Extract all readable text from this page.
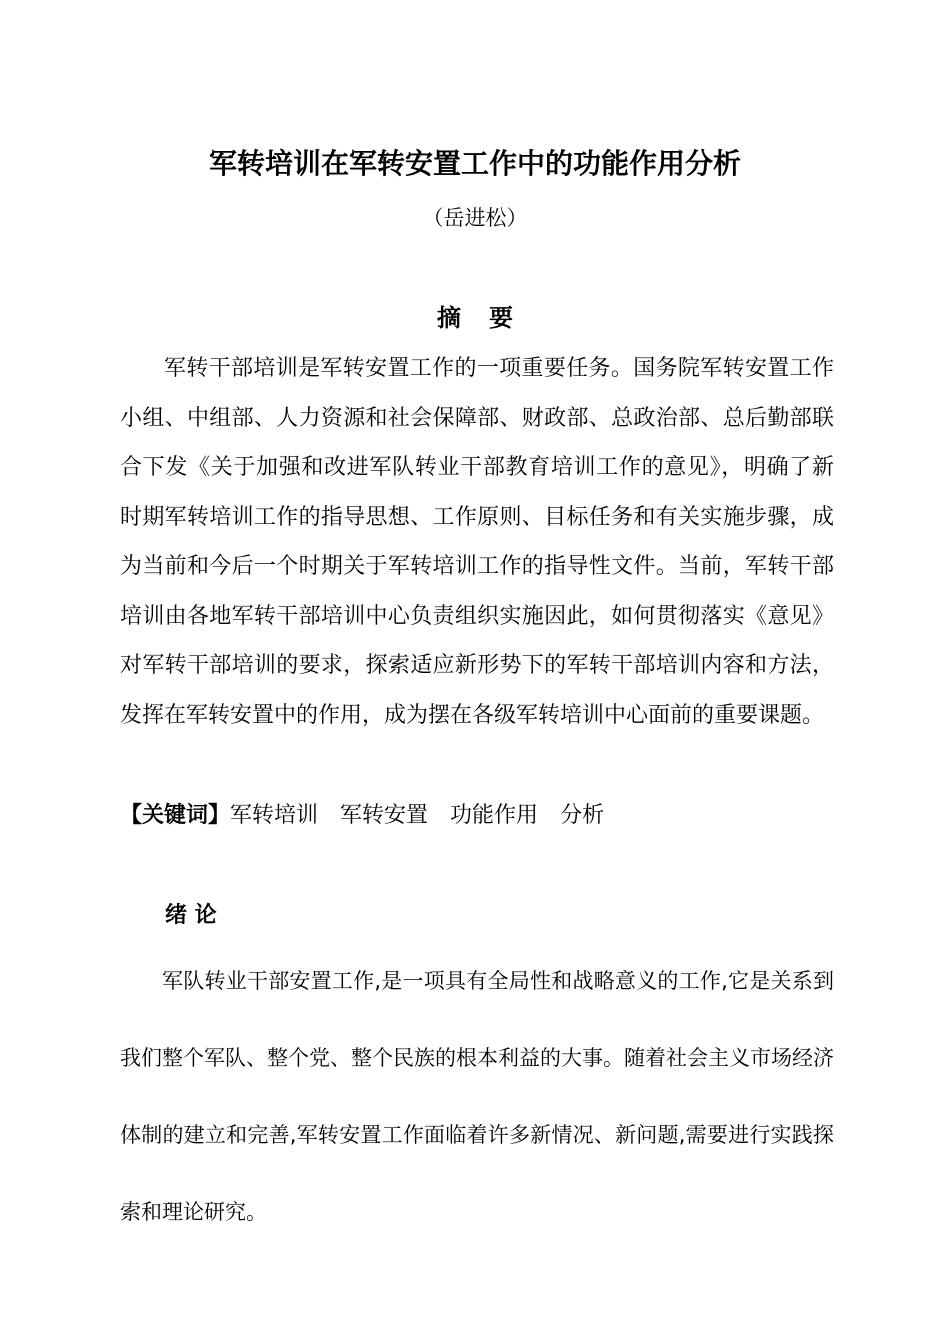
军转培训在军转安置工作中的功能作用分析
（岳进松）
摘 要

军转干部培训是军转安置工作的一项重要任务。国务院军转安置工作小组、中组部、人力资源和社会保障部、财政部、总政治部、总后勤部联合下发《关于加强和改进军队转业干部教育培训工作的意见》，明确了新时期军转培训工作的指导思想、工作原则、目标任务和有关实施步骤，成为当前和今后一个时期关于军转培训工作的指导性文件。当前，军转干部培训由各地军转干部培训中心负责组织实施因此，如何贯彻落实《意见》对军转干部培训的要求，探索适应新形势下的军转干部培训内容和方法，发挥在军转安置中的作用，成为摆在各级军转培训中心面前的重要课题。

【关键词】军转培训 军转安置 功能作用 分析
绪 论

军队转业干部安置工作,是一项具有全局性和战略意义的工作,它是关系到我们整个军队、整个党、整个民族的根本利益的大事。随着社会主义市场经济体制的建立和完善,军转安置工作面临着许多新情况、新问题,需要进行实践探索和理论研究。
